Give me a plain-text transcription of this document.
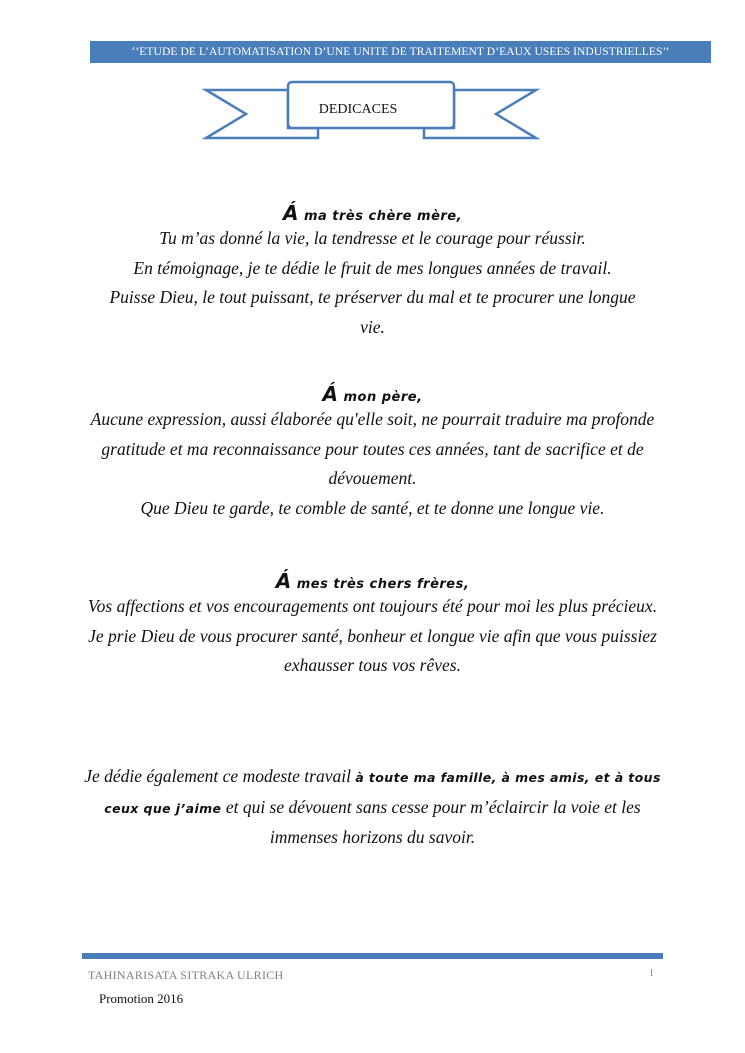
‘’ETUDE DE L’AUTOMATISATION D’UNE UNITE DE TRAITEMENT D’EAUX USEES INDUSTRIELLES’’
DEDICACES
Á ma très chère mère,

Tu m’as donné la vie, la tendresse et le courage pour réussir.

En témoignage, je te dédie le fruit de mes longues années de travail.

Puisse Dieu, le tout puissant, te préserver du mal et te procurer une longue vie.

Á mon père,

Aucune expression, aussi élaborée qu'elle soit, ne pourrait traduire ma profonde gratitude et ma reconnaissance pour toutes ces années, tant de sacrifice et de dévouement.

Que Dieu te garde, te comble de santé, et te donne une longue vie.

Á mes très chers frères,

Vos affections et vos encouragements ont toujours été pour moi les plus précieux.

Je prie Dieu de vous procurer santé, bonheur et longue vie afin que vous puissiez exhausser tous vos rêves.

Je dédie également ce modeste travail à toute ma famille, à mes amis, et à tous ceux que j’aime et qui se dévouent sans cesse pour m’éclaircir la voie et les immenses horizons du savoir.
TAHINARISATA SITRAKA ULRICH	I
Promotion 2016
